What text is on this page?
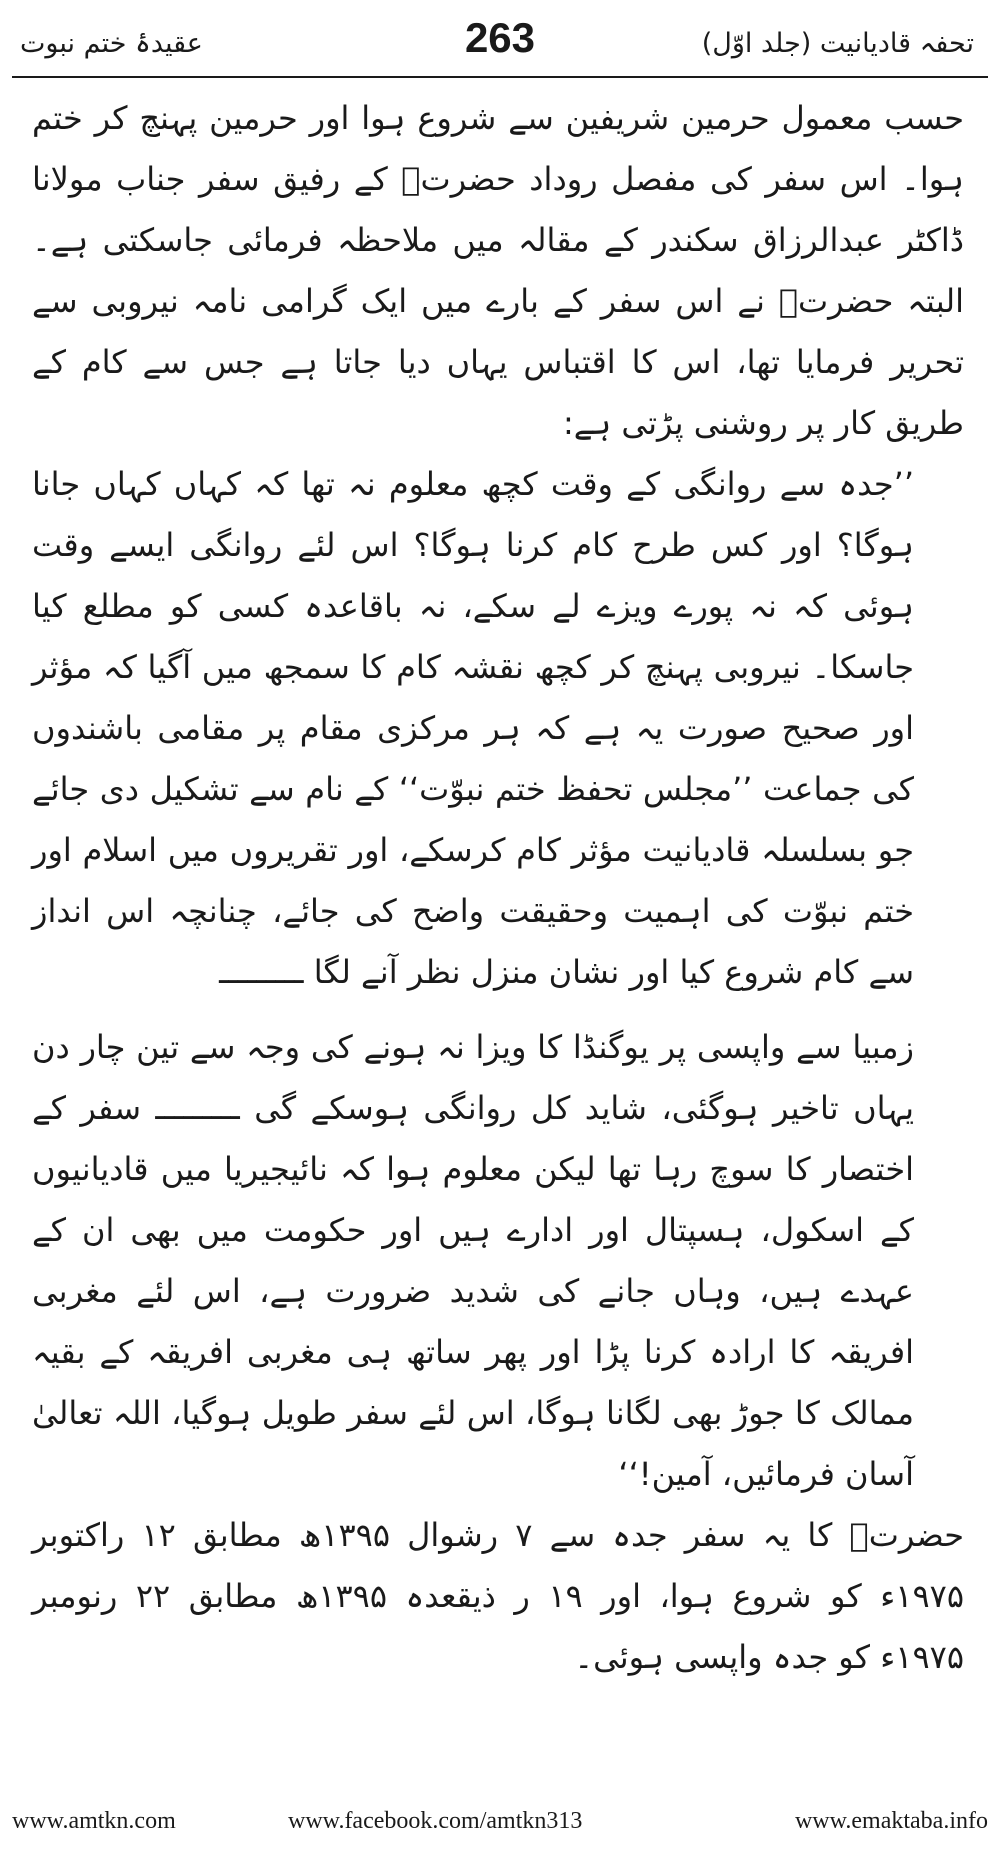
عقیدۂ ختم نبوت	263	تحفہ قادیانیت (جلد اوّل)

حسب معمول حرمین شریفین سے شروع ہوا اور حرمین پہنچ کر ختم ہوا۔ اس سفر کی مفصل روداد حضرتؒ کے رفیق سفر جناب مولانا ڈاکٹر عبدالرزاق سکندر کے مقالہ میں ملاحظہ فرمائی جاسکتی ہے۔ البتہ حضرتؒ نے اس سفر کے بارے میں ایک گرامی نامہ نیروبی سے تحریر فرمایا تھا، اس کا اقتباس یہاں دیا جاتا ہے جس سے کام کے طریق کار پر روشنی پڑتی ہے:

’’جدہ سے روانگی کے وقت کچھ معلوم نہ تھا کہ کہاں کہاں جانا ہوگا؟ اور کس طرح کام کرنا ہوگا؟ اس لئے روانگی ایسے وقت ہوئی کہ نہ پورے ویزے لے سکے، نہ باقاعدہ کسی کو مطلع کیا جاسکا۔ نیروبی پہنچ کر کچھ نقشہ کام کا سمجھ میں آگیا کہ مؤثر اور صحیح صورت یہ ہے کہ ہر مرکزی مقام پر مقامی باشندوں کی جماعت ’’مجلس تحفظ ختم نبوّت‘‘ کے نام سے تشکیل دی جائے جو بسلسلہ قادیانیت مؤثر کام کرسکے، اور تقریروں میں اسلام اور ختم نبوّت کی اہمیت وحقیقت واضح کی جائے، چنانچہ اس انداز سے کام شروع کیا اور نشان منزل نظر آنے لگا ـــــــــ

زمبیا سے واپسی پر یوگنڈا کا ویزا نہ ہونے کی وجہ سے تین چار دن یہاں تاخیر ہوگئی، شاید کل روانگی ہوسکے گی ـــــــــ سفر کے اختصار کا سوچ رہا تھا لیکن معلوم ہوا کہ نائیجیریا میں قادیانیوں کے اسکول، ہسپتال اور ادارے ہیں اور حکومت میں بھی ان کے عہدے ہیں، وہاں جانے کی شدید ضرورت ہے، اس لئے مغربی افریقہ کا ارادہ کرنا پڑا اور پھر ساتھ ہی مغربی افریقہ کے بقیہ ممالک کا جوڑ بھی لگانا ہوگا، اس لئے سفر طویل ہوگیا، اللہ تعالیٰ آسان فرمائیں، آمین!‘‘

حضرتؒ کا یہ سفر جدہ سے ۷ رشوال ۱۳۹۵ھ مطابق ۱۲ راکتوبر ۱۹۷۵ء کو شروع ہوا، اور ۱۹ ر ذیقعدہ ۱۳۹۵ھ مطابق ۲۲ رنومبر ۱۹۷۵ء کو جدہ واپسی ہوئی۔

www.amtkn.com	www.facebook.com/amtkn313	www.emaktaba.info
